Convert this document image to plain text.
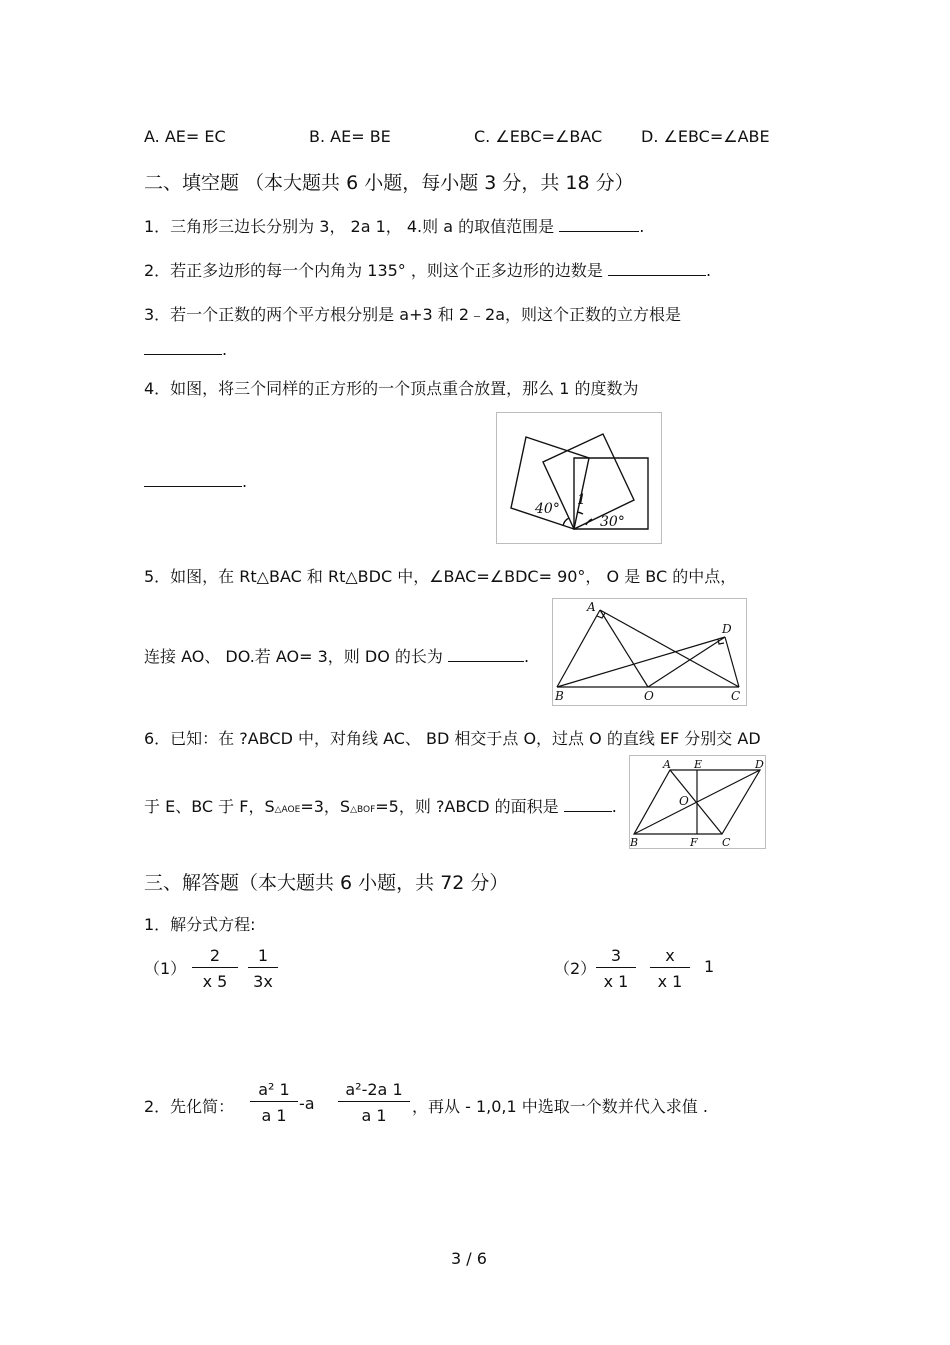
A. AE= EC	B. AE= BE	C. ∠EBC=∠BAC D. ∠EBC=∠ABE
二、填空题 （本大题共 6 小题，每小题 3 分，共 18 分）
1．三角形三边长分别为 3， 2a 1， 4.则 a 的取值范围是	.
2．若正多边形的每一个内角为 135° ，则这个正多边形的边数是	.
3．若一个正数的两个平方根分别是 a+3 和 2﹣2a，则这个正数的立方根是
.
4．如图，将三个同样的正方形的一个顶点重合放置，那么 1 的度数为
.
1
40°
30°
5．如图，在 Rt△BAC 和 Rt△BDC 中，∠BAC=∠BDC= 90°， O 是 BC 的中点，
连接 AO、 DO.若 AO= 3，则 DO 的长为	.
A
D
B	O	C
6．已知：在 ?ABCD 中，对角线 AC、 BD 相交于点 O，过点 O 的直线 EF 分别交 AD
于 E、BC 于 F，S△AOE=3，S△BOF=5，则 ?ABCD 的面积是	.
A E	D
O
B	F C
三、解答题（本大题共 6 小题，共 72 分）
1．解分式方程:
$(1) \frac{2}{x 5} \frac{1}{3x}$	$(2) \frac{3}{x 1} \frac{x}{x 1} 1$
2．先化简： $\frac{\text{a² 1}}{a 1} -a \frac{\text{a²-2a 1}}{a 1}$ ，再从 - 1,0,1 中选取一个数并代入求值 .
3 / 6
